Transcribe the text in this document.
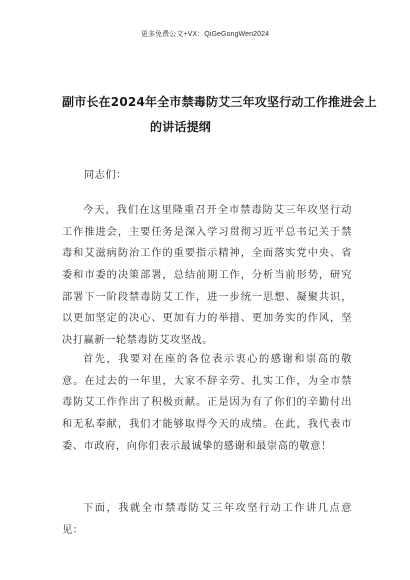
更多免费公文+VX：QiGeGongWen2024
副市长在2024年全市禁毒防艾三年攻坚行动工作推进会上
的讲话提纲
同志们：

今天，我们在这里隆重召开全市禁毒防艾三年攻坚行动工作推进会，主要任务是深入学习贯彻习近平总书记关于禁毒和艾滋病防治工作的重要指示精神，全面落实党中央、省委和市委的决策部署，总结前期工作，分析当前形势，研究部署下一阶段禁毒防艾工作，进一步统一思想、凝聚共识，以更加坚定的决心、更加有力的举措、更加务实的作风，坚决打赢新一轮禁毒防艾攻坚战。

首先，我要对在座的各位表示衷心的感谢和崇高的敬意。在过去的一年里，大家不辞辛劳、扎实工作，为全市禁毒防艾工作作出了积极贡献。正是因为有了你们的辛勤付出和无私奉献，我们才能够取得今天的成绩。在此，我代表市委、市政府，向你们表示最诚挚的感谢和最崇高的敬意！

下面，我就全市禁毒防艾三年攻坚行动工作讲几点意见：
